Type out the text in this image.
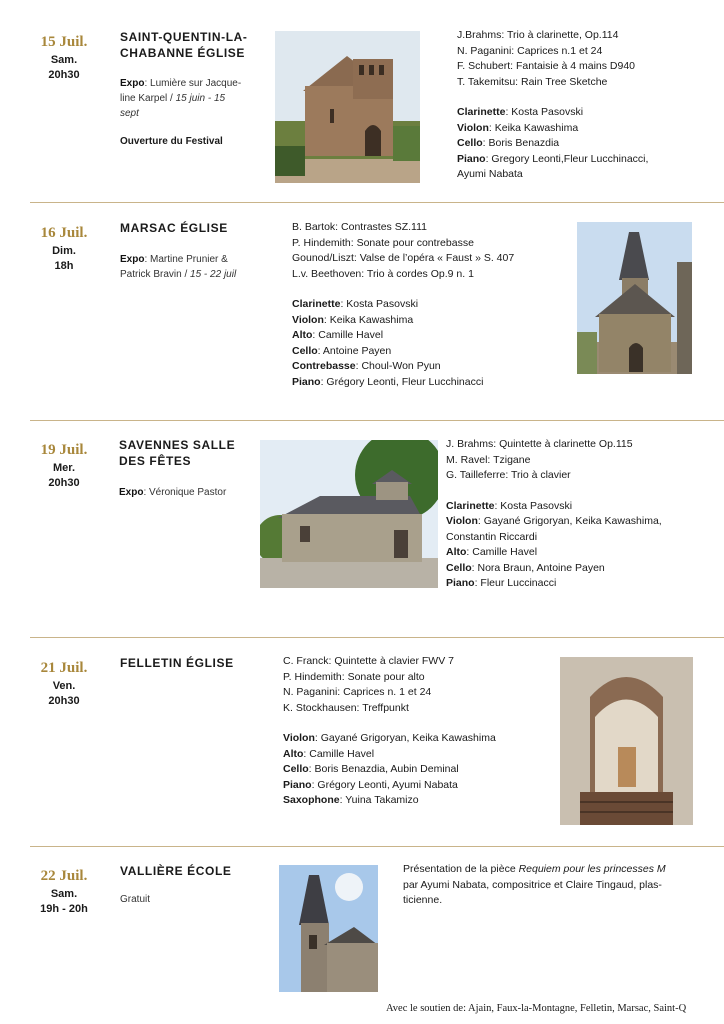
15 Juil.
Sam.
20h30
SAINT-QUENTIN-LA-
CHABANNE ÉGLISE
Expo: Lumière sur Jacque-
line Karpel / 15 juin - 15
sept
Ouverture du Festival
J.Brahms: Trio à clarinette, Op.114
N. Paganini: Caprices n.1 et 24
F. Schubert: Fantaisie à 4 mains D940
T. Takemitsu: Rain Tree Sketche
Clarinette: Kosta Pasovski
Violon: Keika Kawashima
Cello: Boris Benazdia
Piano: Gregory Leonti,Fleur Lucchinacci,
Ayumi Nabata
16 Juil.
Dim.
18h
MARSAC ÉGLISE
Expo: Martine Prunier &
Patrick Bravin / 15 - 22 juil
B. Bartok: Contrastes SZ.111
P. Hindemith: Sonate pour contrebasse
Gounod/Liszt: Valse de l’opéra « Faust » S. 407
L.v. Beethoven: Trio à cordes Op.9 n. 1
Clarinette: Kosta Pasovski
Violon: Keika Kawashima
Alto: Camille Havel
Cello: Antoine Payen
Contrebasse: Choul-Won Pyun
Piano: Grégory Leonti, Fleur Lucchinacci
19 Juil.
Mer.
20h30
SAVENNES SALLE
DES FÊTES
Expo: Véronique Pastor
J. Brahms: Quintette à clarinette Op.115
M. Ravel: Tzigane
G. Tailleferre: Trio à clavier
Clarinette: Kosta Pasovski
Violon: Gayané Grigoryan, Keika Kawashima,
Constantin Riccardi
Alto: Camille Havel
Cello: Nora Braun, Antoine Payen
Piano: Fleur Luccinacci
21 Juil.
Ven.
20h30
FELLETIN ÉGLISE	C. Franck: Quintette à clavier FWV 7
P. Hindemith: Sonate pour alto
N. Paganini: Caprices n. 1 et 24
K. Stockhausen: Treffpunkt
Violon: Gayané Grigoryan, Keika Kawashima
Alto: Camille Havel
Cello: Boris Benazdia, Aubin Deminal
Piano: Grégory Leonti, Ayumi Nabata
Saxophone: Yuina Takamizo
22 Juil.
Sam.
19h - 20h
VALLIÈRE ÉCOLE
Gratuit
Présentation de la pièce Requiem pour les princesses M
par Ayumi Nabata, compositrice et Claire Tingaud, plas-
ticienne.
Avec le soutien de: Ajain, Faux-la-Montagne, Felletin, Marsac, Saint-Q
